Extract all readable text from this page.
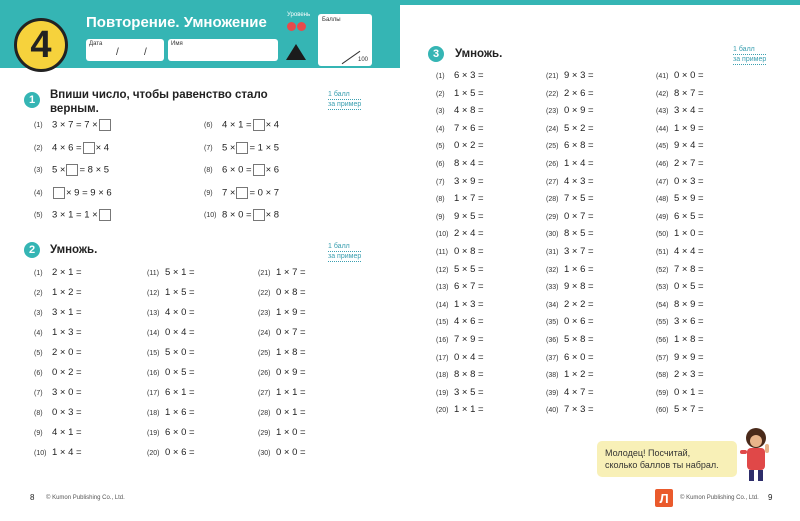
4
Повторение. Умножение
Дата
/	/
Имя
Уровень
Баллы
100
1	Впиши число, чтобы равенство стало
верным.
1 балл
за пример
(1) 3 × 7 = 7 ×
(2) 4 × 6 = × 4
(3) 5 × = 8 × 5
(4) × 9 = 9 × 6
(5) 3 × 1 = 1 ×
(6) 4 × 1 = × 4
(7) 5 × = 1 × 5
(8) 6 × 0 = × 6
(9) 7 × = 0 × 7
(10) 8 × 0 = × 8
2	Умножь.	1 балл
за пример
(1) 2 × 1 =
(2) 1 × 2 =
(3) 3 × 1 =
(4) 1 × 3 =
(5) 2 × 0 =
(6) 0 × 2 =
(7) 3 × 0 =
(8) 0 × 3 =
(9) 4 × 1 =
(10) 1 × 4 =
(11) 5 × 1 =
(12) 1 × 5 =
(13) 4 × 0 =
(14) 0 × 4 =
(15) 5 × 0 =
(16) 0 × 5 =
(17) 6 × 1 =
(18) 1 × 6 =
(19) 6 × 0 =
(20) 0 × 6 =
(21) 1 × 7 =
(22) 0 × 8 =
(23) 1 × 9 =
(24) 0 × 7 =
(25) 1 × 8 =
(26) 0 × 9 =
(27) 1 × 1 =
(28) 0 × 1 =
(29) 1 × 0 =
(30) 0 × 0 =
3	Умножь.	1 балл
за пример
(1) 6 × 3 =
(2) 1 × 5 =
(3) 4 × 8 =
(4) 7 × 6 =
(5) 0 × 2 =
(6) 8 × 4 =
(7) 3 × 9 =
(8) 1 × 7 =
(9) 9 × 5 =
(10) 2 × 4 =
(11) 0 × 8 =
(12) 5 × 5 =
(13) 6 × 7 =
(14) 1 × 3 =
(15) 4 × 6 =
(16) 7 × 9 =
(17) 0 × 4 =
(18) 8 × 8 =
(19) 3 × 5 =
(20) 1 × 1 =
(21) 9 × 3 =
(22) 2 × 6 =
(23) 0 × 9 =
(24) 5 × 2 =
(25) 6 × 8 =
(26) 1 × 4 =
(27) 4 × 3 =
(28) 7 × 5 =
(29) 0 × 7 =
(30) 8 × 5 =
(31) 3 × 7 =
(32) 1 × 6 =
(33) 9 × 8 =
(34) 2 × 2 =
(35) 0 × 6 =
(36) 5 × 8 =
(37) 6 × 0 =
(38) 1 × 2 =
(39) 4 × 7 =
(40) 7 × 3 =
(41) 0 × 0 =
(42) 8 × 7 =
(43) 3 × 4 =
(44) 1 × 9 =
(45) 9 × 4 =
(46) 2 × 7 =
(47) 0 × 3 =
(48) 5 × 9 =
(49) 6 × 5 =
(50) 1 × 0 =
(51) 4 × 4 =
(52) 7 × 8 =
(53) 0 × 5 =
(54) 8 × 9 =
(55) 3 × 6 =
(56) 1 × 8 =
(57) 9 × 9 =
(58) 2 × 3 =
(59) 0 × 1 =
(60) 5 × 7 =
Молодец! Посчитай,
сколько баллов ты набрал.
8 © Kumon Publishing Co., Ltd.	Л	© Kumon Publishing Co., Ltd. 9
